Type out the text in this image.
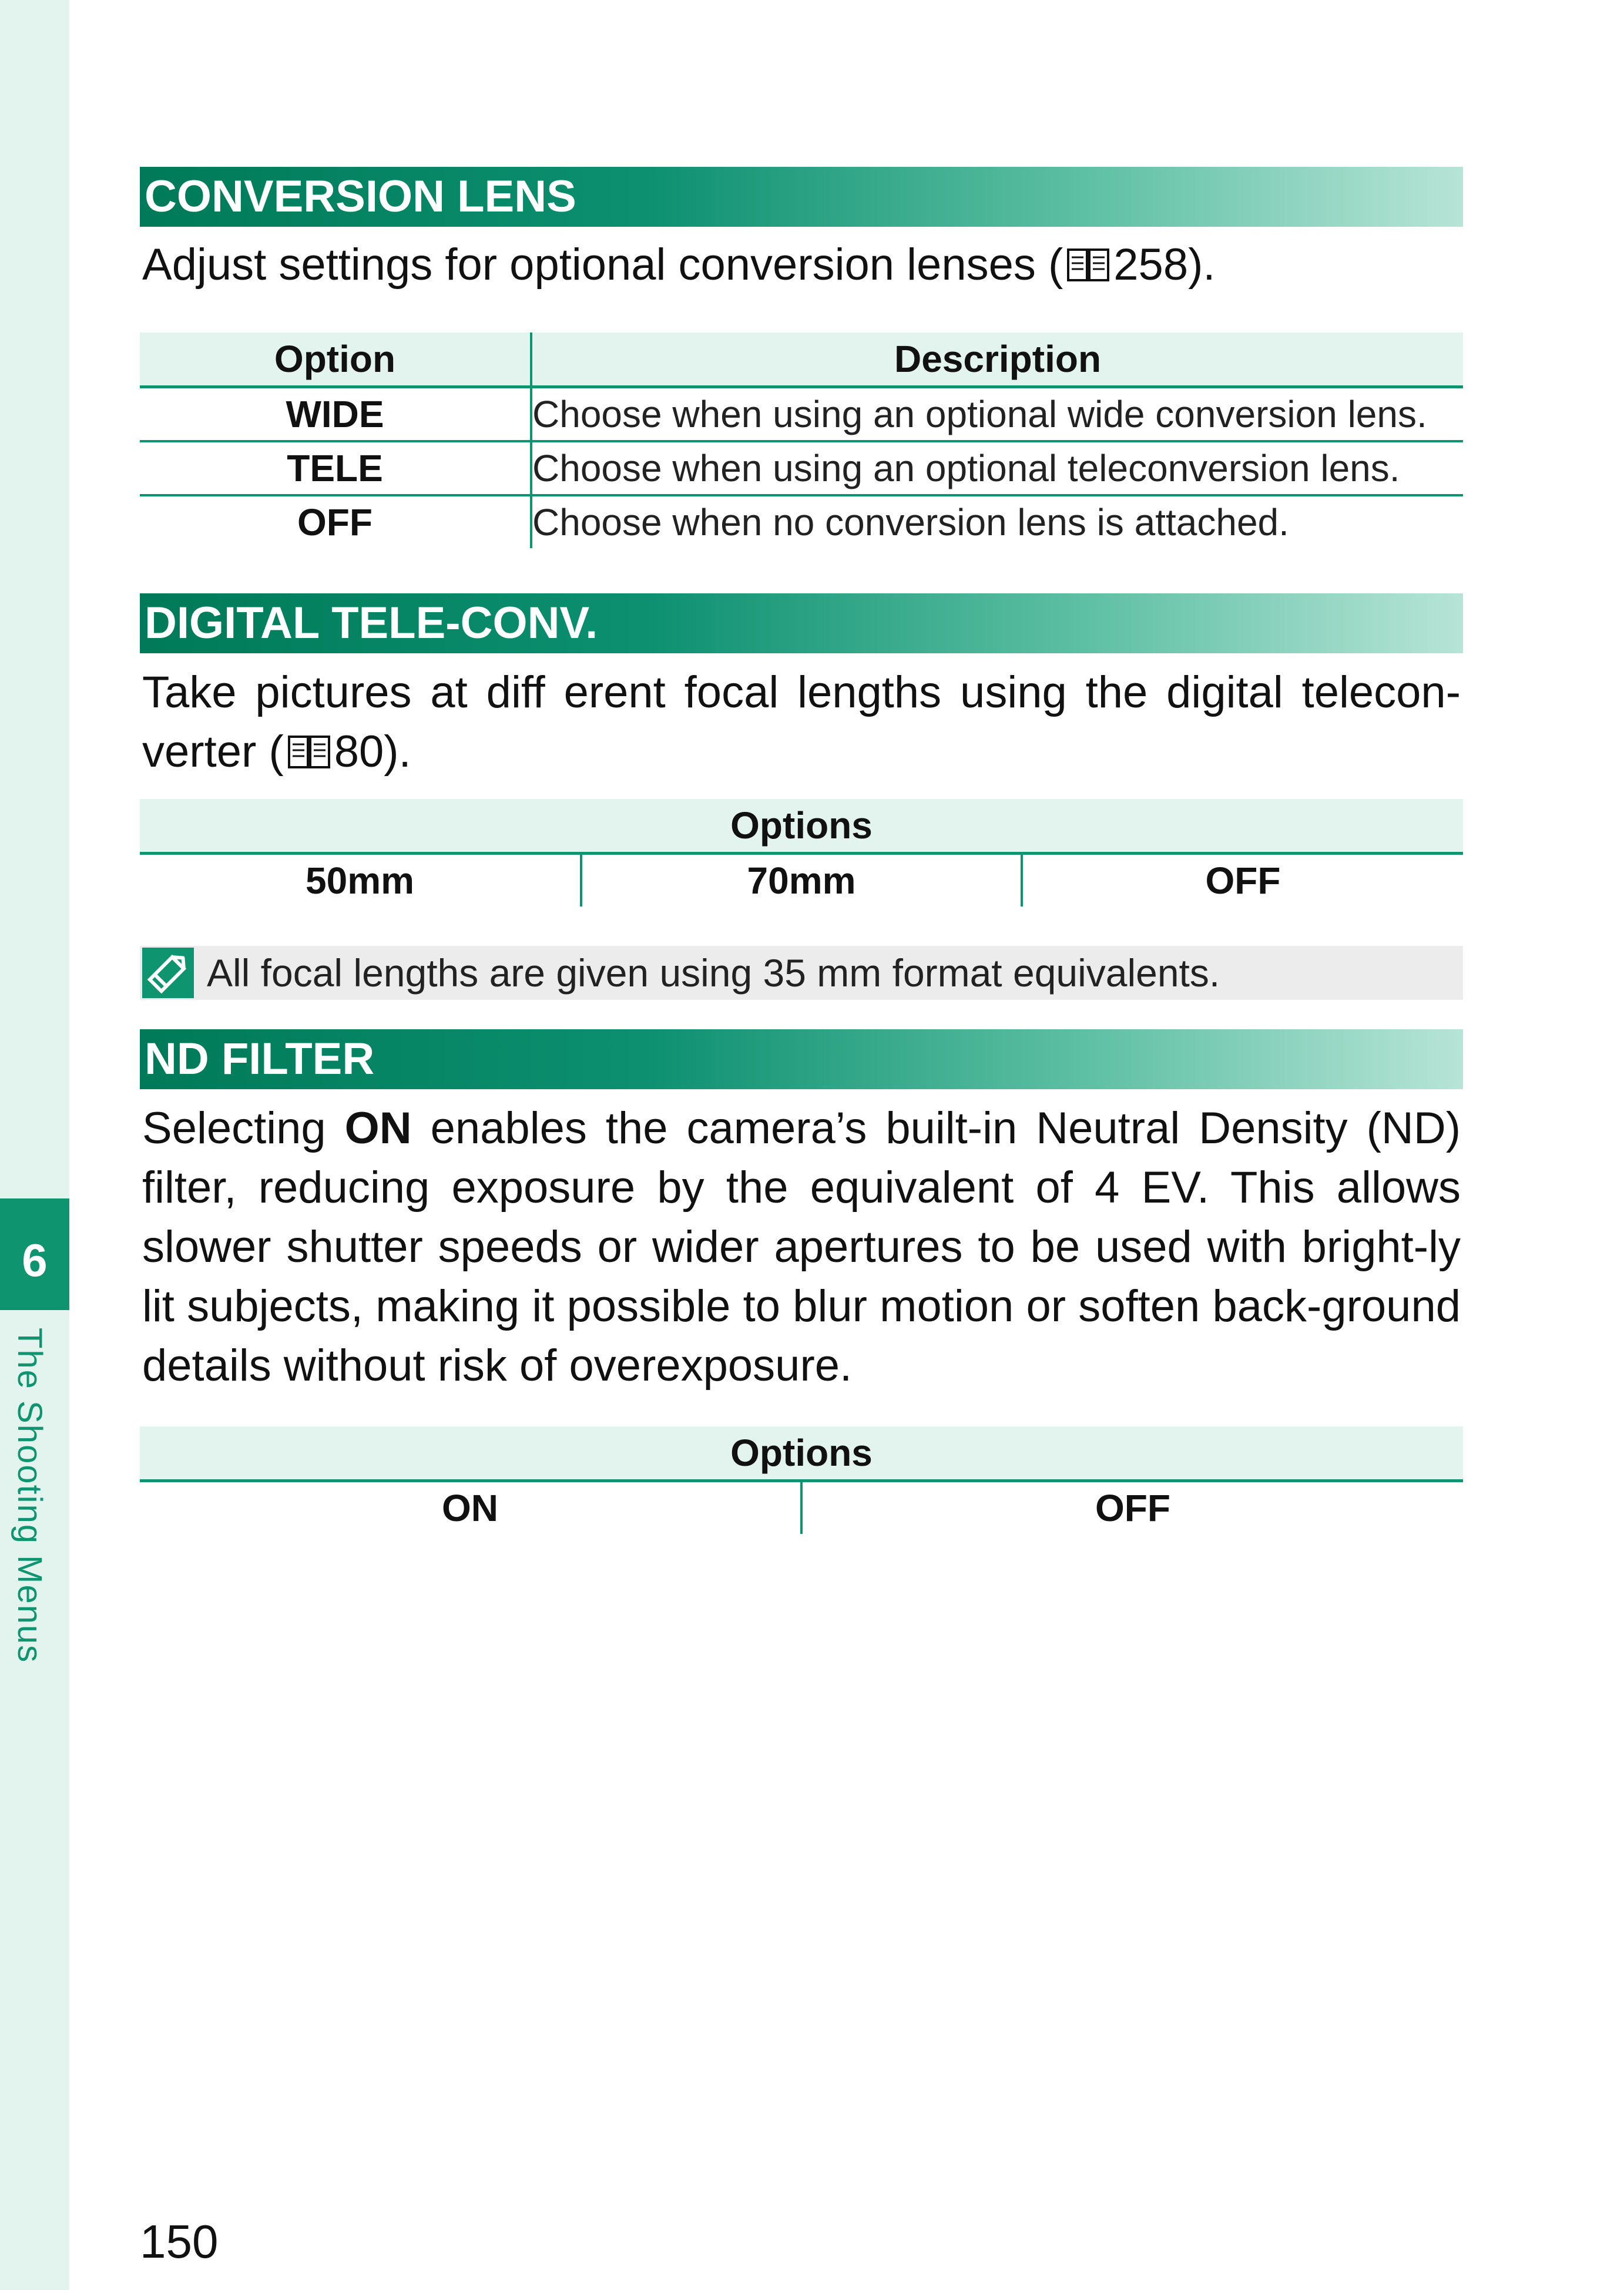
6
The Shooting Menus
CONVERSION LENS

Adjust settings for optional conversion lenses ( 258).

Option	Description
WIDE	Choose when using an optional wide conversion lens.
TELE	Choose when using an optional teleconversion lens.
OFF	Choose when no conversion lens is attached.
DIGITAL TELE-CONV.

Take pictures at diff erent focal lengths using the digital telecon-verter ( 80).

Options
50mm	70mm	OFF
All focal lengths are given using 35 mm format equivalents.
ND FILTER

Selecting ON enables the camera’s built-in Neutral Density (ND) filter, reducing exposure by the equivalent of 4 EV. This allows slower shutter speeds or wider apertures to be used with bright-ly lit subjects, making it possible to blur motion or soften back-ground details without risk of overexposure.

Options
ON	OFF
150
